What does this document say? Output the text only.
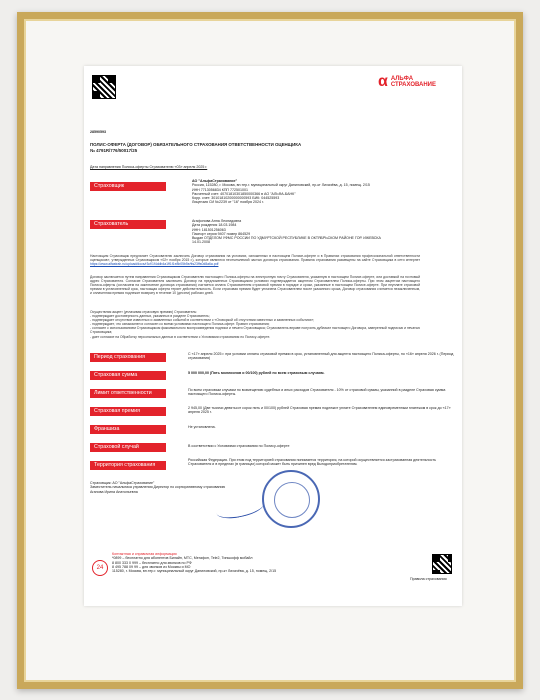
α АЛЬФА
СТРАХОВАНИЕ
28590593
ПОЛИС-ОФЕРТА (ДОГОВОР) ОБЯЗАТЕЛЬНОГО СТРАХОВАНИЯ ОТВЕТСТВЕННОСТИ ОЦЕНЩИКА
№ 4791R/776/50017/25
Дата направления Полиса-оферты Страхователю «03» апреля 2025 г.
Страховщик
АО "АльфаСтрахование"
Россия, 115280, г. Москва, вн.тер.г. муниципальный округ Даниловский, пр-кт Лихачёва, д. 15, помещ. 2/15
ИНН 7713056834 КПП 772501001
Расчетный счет: 40701810301850000366 в АО "АЛЬФА-БАНК"
Корр. счет: 30101810200000000593 БИК: 044525593
Лицензия СИ №2239 от "16" ноября 2024 г.
Страхователь	Агафонова Анна Леонидовна
Дата рождения 18.03.1984
ИНН: 181501256063
Паспорт серия 9407 номер 864529
Выдан ОТДЕЛОМ УФМС РОССИИ ПО УДМУРТСКОЙ РЕСПУБЛИКЕ В ОКТЯБРЬСКОМ РАЙОНЕ ГОР. ИЖЕВСКА
14.01.2008
Настоящим Страховщик предлагает Страхователю заключить Договор страхования на условиях, изложенных в настоящем Полисе-оферте и в Правилах страхования профессиональной ответственности оценщиков», утвержденных Страховщиком «02» ноября 2015 г.), которые являются неотъемлемой частью договора страхования. Правила страхования размещены на сайте Страховщика в сети интернет https://www.alfastrah.ru/upload/docs/r3cf/1f4ddb4a1ff1f1e8b05b5e/tts23ffs0d8a6a.pdf
Договор заключается путем направления Страховщиком Страхователю настоящего Полиса-оферты на электронную почту Страхователя, указанную в настоящем Полисе-оферте, или доставкой на почтовый адрес Страхователя. Согласие Страхователя заключить Договор на предложенных Страховщиком условиях подтверждается акцептом Страхователем Полиса-оферты. При этом акцептом настоящего Полиса-оферты (согласием на заключение договора страхования) считается оплата Страхователем страховой премии в порядке и сроки, указанные в настоящем Полисе-оферте. При неуплате страховой премии в установленный срок, настоящая оферта теряет действительность. Если страховая премия будет уплачена Страхователем после указанного срока, Договор страхования считается незаключенным, и оплаченная премия подлежит возврату в течение 10 (десяти) рабочих дней.
Осуществляя акцепт (уплачивая страховую премию) Страхователь:
- подтверждает достоверность данных, указанных в разделе Страхователь;
- подтверждает отсутствие известных и заявленных событий в соответствии с «Оговоркой об отсутствии известных и заявленных событиях»;
- подтверждает, что ознакомлен и согласен со всеми условиями настоящего Полиса-оферт. Правил страхования;
- согласен с использованием Страховщиком факсимильного воспроизведения подписи и печати Страховщика; Страхователь вправе получить дубликат настоящего Договора, заверенный подписью и печатью Страховщика;
- дает согласие на Обработку персональных данных в соответствии с Условиями страхования по Полису-оферте.
Период страхования	С «17» апреля 2025 г. при условии оплаты страховой премии в срок, установленный для акцепта настоящего Полиса-оферты, по «16» апреля 2026 г. (Период страхования)
Страховая сумма	5 000 000,00 (Пять миллионов и 00/100) рублей по всем страховым случаям.
Лимит ответственности	По всем страховым случаям по возмещению судебных и иных расходов Страхователя - 10% от страховой суммы, указанной в разделе Страховая сумма настоящего Полиса-оферты.
Страховая премия	2 945,00 (Две тысячи девятьсот сорок пять и 00/100) рублей Страховая премия подлежит уплате Страхователем единовременным платежом в срок до «17» апреля 2025 г.
Франшиза	Не установлена.
Страховой случай	В соответствии с Условиями страхования по Полису-оферте
Территория страхования
Российская Федерация. При этом под территорией страхования понимается территория, на которой осуществляется застрахованная деятельность Страхователя и в пределах (в границах) которой может быть причинен вред Выгодоприобретателям.
Страховщик: АО "АльфаСтрахование"
Заместитель начальника управления Директор по корпоративному страхованию
Агапова Ирина Анатольевна
24
Контактная и справочная информация
*0899 – бесплатно для абонентов Билайн, МТС, Мегафон, Tele2, Тинькофф мобайл
8 800 333 0 999 – бесплатно для звонков по РФ
8 495 788 09 99 – для звонков из Москвы и МО
115280, г. Москва, вн.тер.г. муниципальный округ Даниловский, пр-кт Лихачёва, д. 15, помещ. 2/15
Правила страхования
